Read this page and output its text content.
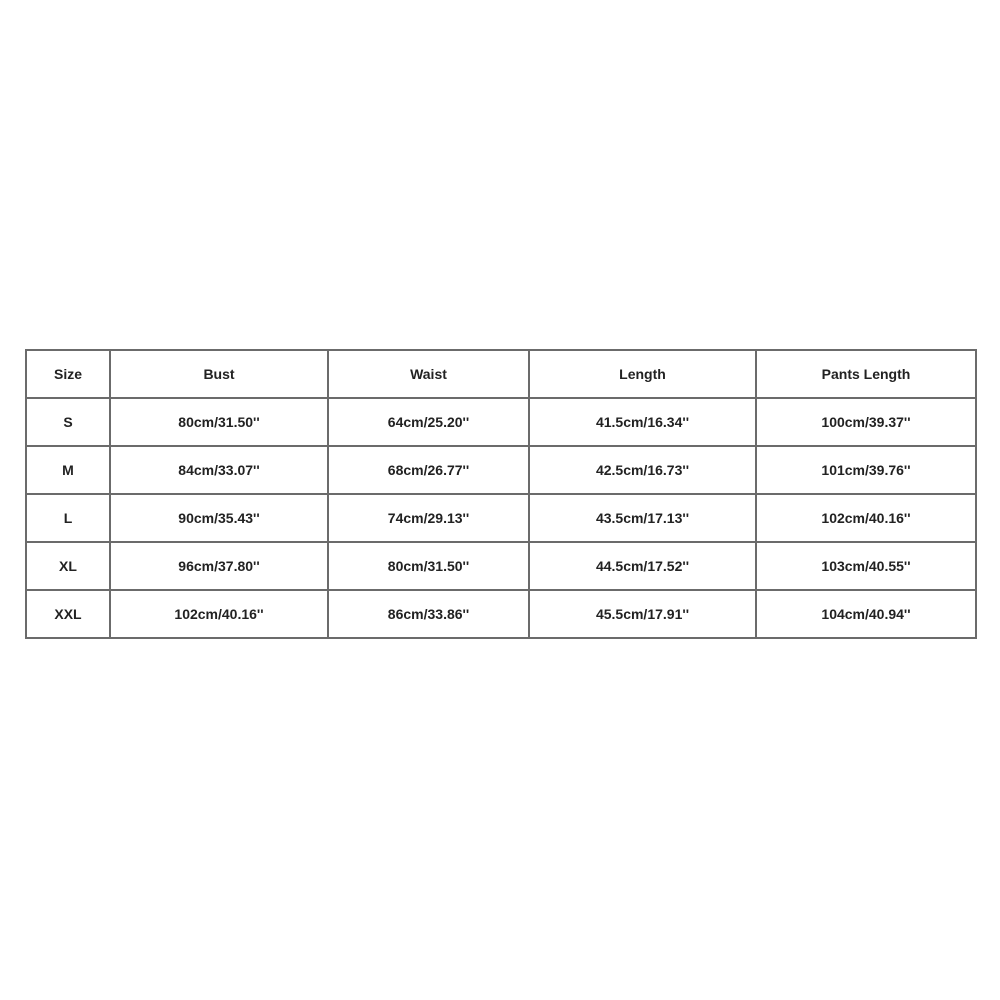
Size	Bust	Waist	Length	Pants Length
S	80cm/31.50''	64cm/25.20''	41.5cm/16.34''	100cm/39.37''
M	84cm/33.07''	68cm/26.77''	42.5cm/16.73''	101cm/39.76''
L	90cm/35.43''	74cm/29.13''	43.5cm/17.13''	102cm/40.16''
XL	96cm/37.80''	80cm/31.50''	44.5cm/17.52''	103cm/40.55''
XXL	102cm/40.16''	86cm/33.86''	45.5cm/17.91''	104cm/40.94''
